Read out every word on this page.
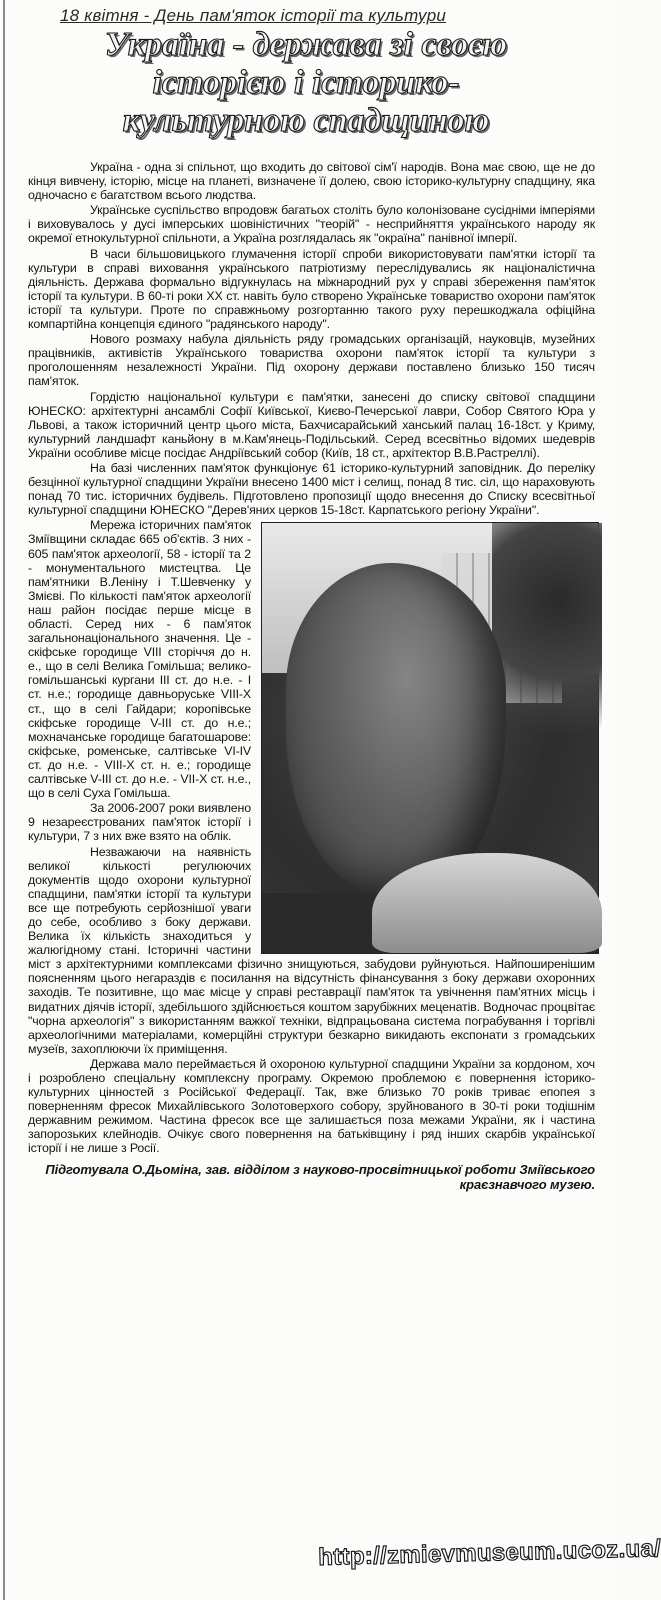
18 квітня - День пам'яток історії та культури
Україна - держава зі своєю
історією і історико-
культурною спадщиною

Україна - одна зі спільнот, що входить до світової сім'ї народів. Вона має свою, ще не до кінця вивчену, історію, місце на планеті, визначене її долею, свою історико-культурну спадщину, яка одночасно є багатством всього людства.

Українське суспільство впродовж багатьох століть було колонізоване сусідніми імперіями і виховувалось у дусі імперських шовіністичних "теорій" - несприйняття українського народу як окремої етнокультурної спільноти, а Україна розглядалась як "окраїна" панівної імперії.

В часи більшовицького глумачення історії спроби використовувати пам'ятки історії та культури в справі виховання українського патріотизму переслідувались як націоналістична діяльність. Держава формально відгукнулась на міжнародний рух у справі збереження пам'яток історії та культури. В 60-ті роки XX ст. навіть було створено Українське товариство охорони пам'яток історії та культури. Проте по справжньому розгортанню такого руху перешкоджала офіційна компартійна концепція єдиного "радянського народу".

Нового розмаху набула діяльність ряду громадських організацій, науковців, музейних працівників, активістів Українського товариства охорони пам'яток історії та культури з проголошенням незалежності України. Під охорону держави поставлено близько 150 тисяч пам'яток.

Гордістю національної культури є пам'ятки, занесені до списку світової спадщини ЮНЕСКО: архітектурні ансамблі Софії Київської, Києво-Печерської лаври, Собор Святого Юра у Львові, а також історичний центр цього міста, Бахчисарайський ханський палац 16-18ст. у Криму, культурний ландшафт каньйону в м.Кам'янець-Подільський. Серед всесвітньо відомих шедеврів України особливе місце посідає Андріївський собор (Київ, 18 ст., архітектор В.В.Растреллі).

На базі численних пам'яток функціонує 61 історико-культурний заповідник. До переліку безцінної культурної спадщини України внесено 1400 міст і селищ, понад 8 тис. сіл, що нараховують понад 70 тис. історичних будівель. Підготовлено пропозиції щодо внесення до Списку всесвітньої культурної спадщини ЮНЕСКО "Дерев'яних церков 15-18ст. Карпатського регіону України".

Мережа історичних пам'яток Зміївщини складає 665 об'єктів. З них - 605 пам'яток археології, 58 - історії та 2 - монументального мистецтва. Це пам'ятники В.Леніну і Т.Шевченку у Змієві. По кількості пам'яток археології наш район посідає перше місце в області. Серед них - 6 пам'яток загальнонаціонального значення. Це - скіфське городище VIII сторіччя до н. е., що в селі Велика Гомільша; велико-гомільшанські кургани III ст. до н.е. - I ст. н.е.; городище давньоруське VIII-X ст., що в селі Гайдари; коропівське скіфське городище V-III ст. до н.е.; мохначанське городище багатошарове: скіфське, роменське, салтівське VI-IV ст. до н.е. - VIII-X ст. н. е.; городище салтівське V-III ст. до н.е. - VII-X ст. н.е., що в селі Суха Гомільша.

За 2006-2007 роки виявлено 9 незареєстрованих пам'яток історії і культури, 7 з них вже взято на облік.

Незважаючи на наявність великої кількості регулюючих документів щодо охорони культурної спадщини, пам'ятки історії та культури все ще потребують серйознішої уваги до себе, особливо з боку держави. Велика їх кількість знаходиться у жалюгідному стані. Історичні частини міст з архітектурними комплексами фізично знищуються, забудови руйнуються. Найпоширенішим поясненням цього негараздів є посилання на відсутність фінансування з боку держави охоронних заходів. Те позитивне, що має місце у справі реставрації пам'яток та увічнення пам'ятних місць і видатних діячів історії, здебільшого здійснюється коштом зарубіжних меценатів. Водночас процвітає "чорна археологія" з використанням важкої техніки, відпрацьована система пограбування і торгівлі археологічними матеріалами, комерційні структури безкарно викидають експонати з громадських музеїв, захоплюючи їх приміщення.

Держава мало переймається й охороною культурної спадщини України за кордоном, хоч і розроблено спеціальну комплексну програму. Окремою проблемою є повернення історико-культурних цінностей з Російської Федерації. Так, вже близько 70 років триває епопея з поверненням фресок Михайлівського Золотоверхого собору, зруйнованого в 30-ті роки тодішнім державним режимом. Частина фресок все ще залишається поза межами України, як і частина запорозьких клейнодів. Очікує свого повернення на батьківщину і ряд інших скарбів української історії і не лише з Росії.

Підготувала О.Дьоміна, зав. відділом з науково-просвітницької роботи Зміївського краєзнавчого музею.

http://zmievmuseum.ucoz.ua/
